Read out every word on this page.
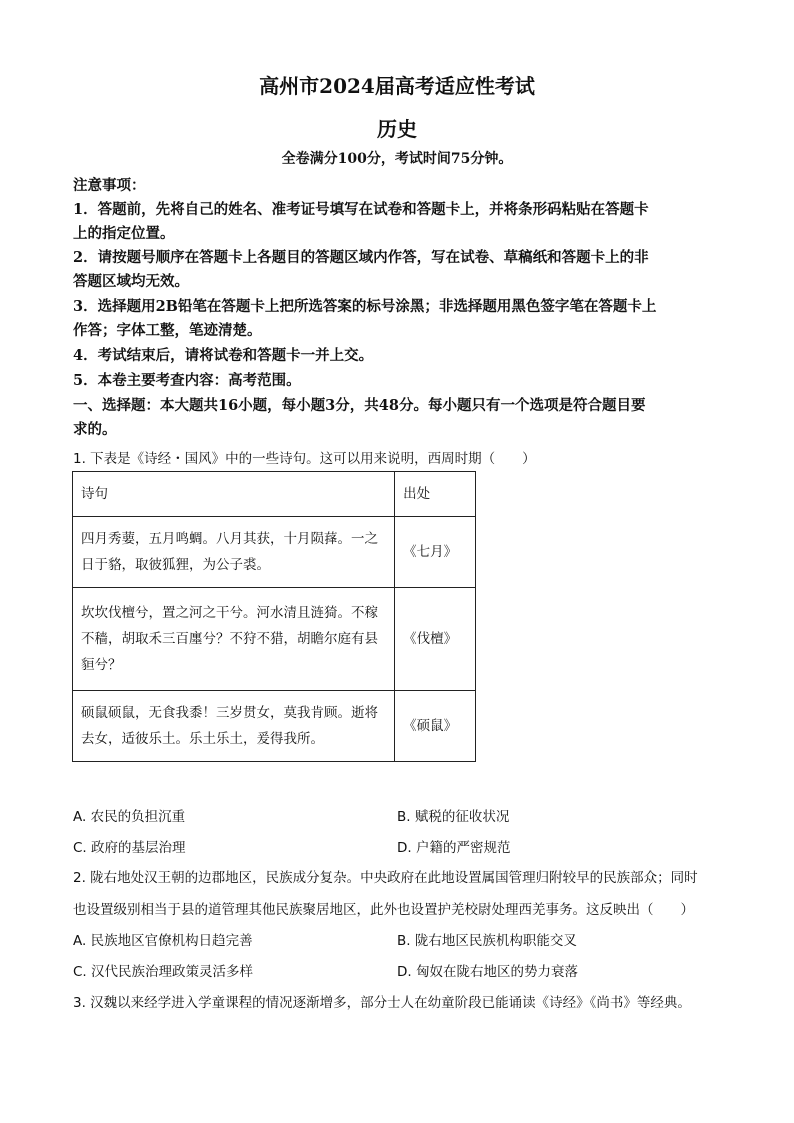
高州市2024届高考适应性考试
历史
全卷满分100分，考试时间75分钟。
注意事项：
1．答题前，先将自己的姓名、准考证号填写在试卷和答题卡上，并将条形码粘贴在答题卡
上的指定位置。
2．请按题号顺序在答题卡上各题目的答题区域内作答，写在试卷、草稿纸和答题卡上的非
答题区域均无效。
3．选择题用2B铅笔在答题卡上把所选答案的标号涂黑；非选择题用黑色签字笔在答题卡上
作答；字体工整，笔迹清楚。
4．考试结束后，请将试卷和答题卡一并上交。
5．本卷主要考查内容：高考范围。
一、选择题：本大题共16小题，每小题3分，共48分。每小题只有一个选项是符合题目要
求的。
1. 下表是《诗经・国风》中的一些诗句。这可以用来说明，西周时期（　　）
诗句	出处
四月秀葽，五月鸣蜩。八月其获，十月陨萚。一之日于貉，取彼狐狸，为公子裘。	《七月》
坎坎伐檀兮，置之河之干兮。河水清且涟猗。不稼不穑，胡取禾三百廛兮？不狩不猎，胡瞻尔庭有县貆兮？	《伐檀》
硕鼠硕鼠，无食我黍！三岁贯女，莫我肯顾。逝将去女，适彼乐土。乐土乐土，爰得我所。	《硕鼠》
A. 农民的负担沉重	B. 赋税的征收状况
C. 政府的基层治理	D. 户籍的严密规范
2. 陇右地处汉王朝的边郡地区，民族成分复杂。中央政府在此地设置属国管理归附较早的民族部众；同时
也设置级别相当于县的道管理其他民族聚居地区，此外也设置护羌校尉处理西羌事务。这反映出（　　）
A. 民族地区官僚机构日趋完善	B. 陇右地区民族机构职能交叉
C. 汉代民族治理政策灵活多样	D. 匈奴在陇右地区的势力衰落
3. 汉魏以来经学进入学童课程的情况逐渐增多，部分士人在幼童阶段已能诵读《诗经》《尚书》等经典。
